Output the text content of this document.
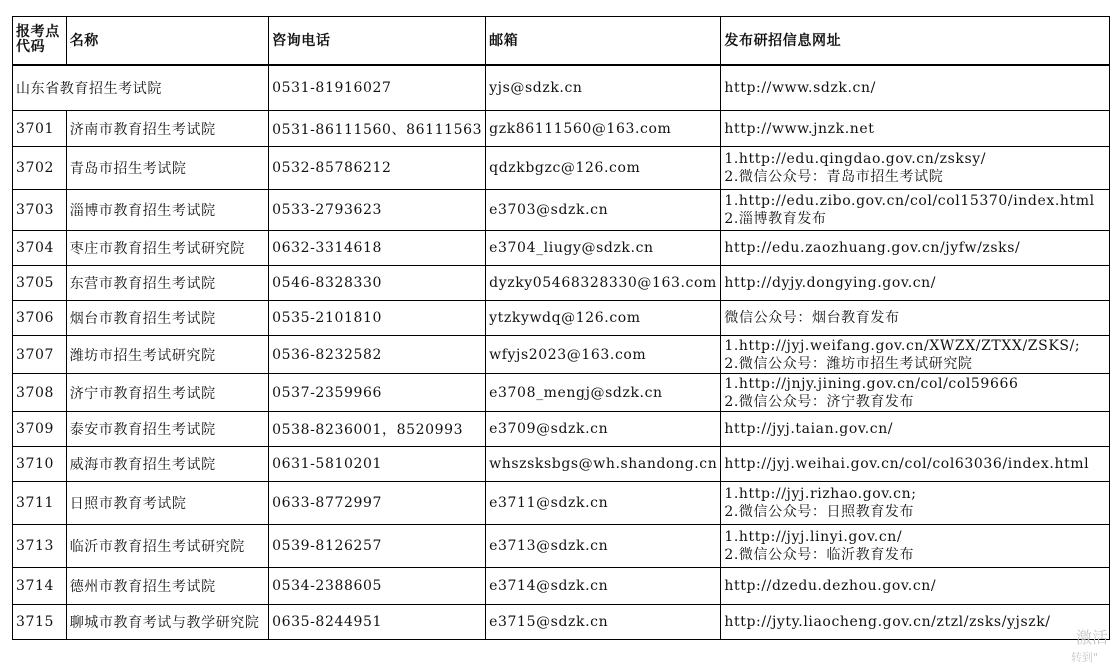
报考点代码	名称	咨询电话	邮箱	发布研招信息网址
山东省教育招生考试院		0531-81916027	yjs@sdzk.cn	http://www.sdzk.cn/

3701	济南市教育招生考试院	0531-86111560、86111563	gzk86111560@163.com	http://www.jnzk.net

3702	青岛市招生考试院	0532-85786212	qdzkbgzc@126.com	1.http://edu.qingdao.gov.cn/zsksy/
2.微信公众号：青岛市招生考试院

3703	淄博市教育招生考试院	0533-2793623	e3703@sdzk.cn	1.http://edu.zibo.gov.cn/col/col15370/index.html
2.淄博教育发布

3704	枣庄市教育招生考试研究院	0632-3314618	e3704_liugy@sdzk.cn	http://edu.zaozhuang.gov.cn/jyfw/zsks/

3705	东营市教育招生考试院	0546-8328330	dyzky05468328330@163.com	http://dyjy.dongying.gov.cn/

3706	烟台市教育招生考试院	0535-2101810	ytzkywdq@126.com	微信公众号：烟台教育发布

3707	潍坊市招生考试研究院	0536-8232582	wfyjs2023@163.com	1.http://jyj.weifang.gov.cn/XWZX/ZTXX/ZSKS/;
2.微信公众号：潍坊市招生考试研究院

3708	济宁市教育招生考试院	0537-2359966	e3708_mengj@sdzk.cn	1.http://jnjy.jining.gov.cn/col/col59666
2.微信公众号：济宁教育发布

3709	泰安市教育招生考试院	0538-8236001，8520993	e3709@sdzk.cn	http://jyj.taian.gov.cn/

3710	威海市教育招生考试院	0631-5810201	whszsksbgs@wh.shandong.cn	http://jyj.weihai.gov.cn/col/col63036/index.html

3711	日照市教育考试院	0633-8772997	e3711@sdzk.cn	1.http://jyj.rizhao.gov.cn;
2.微信公众号：日照教育发布

3713	临沂市教育招生考试研究院	0539-8126257	e3713@sdzk.cn	1.http://jyj.linyi.gov.cn/
2.微信公众号：临沂教育发布

3714	德州市教育招生考试院	0534-2388605	e3714@sdzk.cn	http://dzedu.dezhou.gov.cn/

3715	聊城市教育考试与教学研究院	0635-8244951	e3715@sdzk.cn	http://jyty.liaocheng.gov.cn/ztzl/zsks/yjszk/
激活
转到"
